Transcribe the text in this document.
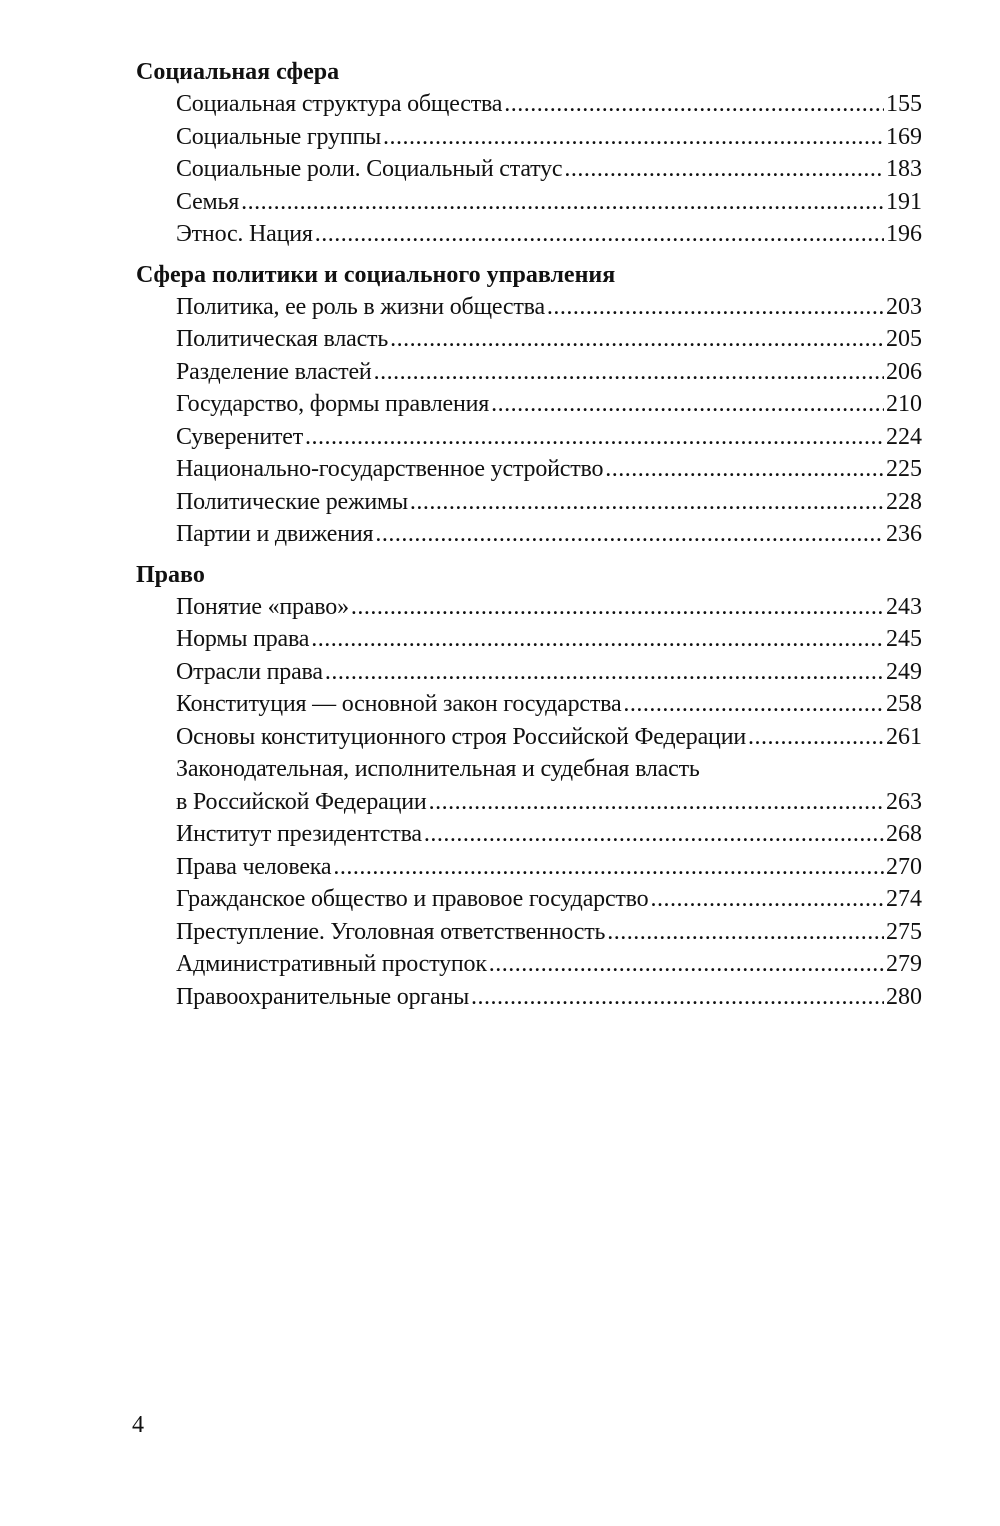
Социальная сфера
Социальная структура общества .....	155
Социальные группы .....	169
Социальные роли. Социальный статус .....	183
Семья .....	191
Этнос. Нация .....	196
Сфера политики и социального управления
Политика, ее роль в жизни общества .....	203
Политическая власть .....	205
Разделение властей .....	206
Государство, формы правления .....	210
Суверенитет .....	224
Национально-государственное устройство .....	225
Политические режимы .....	228
Партии и движения .....	236
Право
Понятие «право» .....	243
Нормы права .....	245
Отрасли права .....	249
Конституция — основной закон государства .....	258
Основы конституционного строя Российской Федерации .....	261
Законодательная, исполнительная и судебная власть
в Российской Федерации .....	263
Институт президентства .....	268
Права человека .....	270
Гражданское общество и правовое государство .....	274
Преступление. Уголовная ответственность .....	275
Административный проступок .....	279
Правоохранительные органы .....	280
4
